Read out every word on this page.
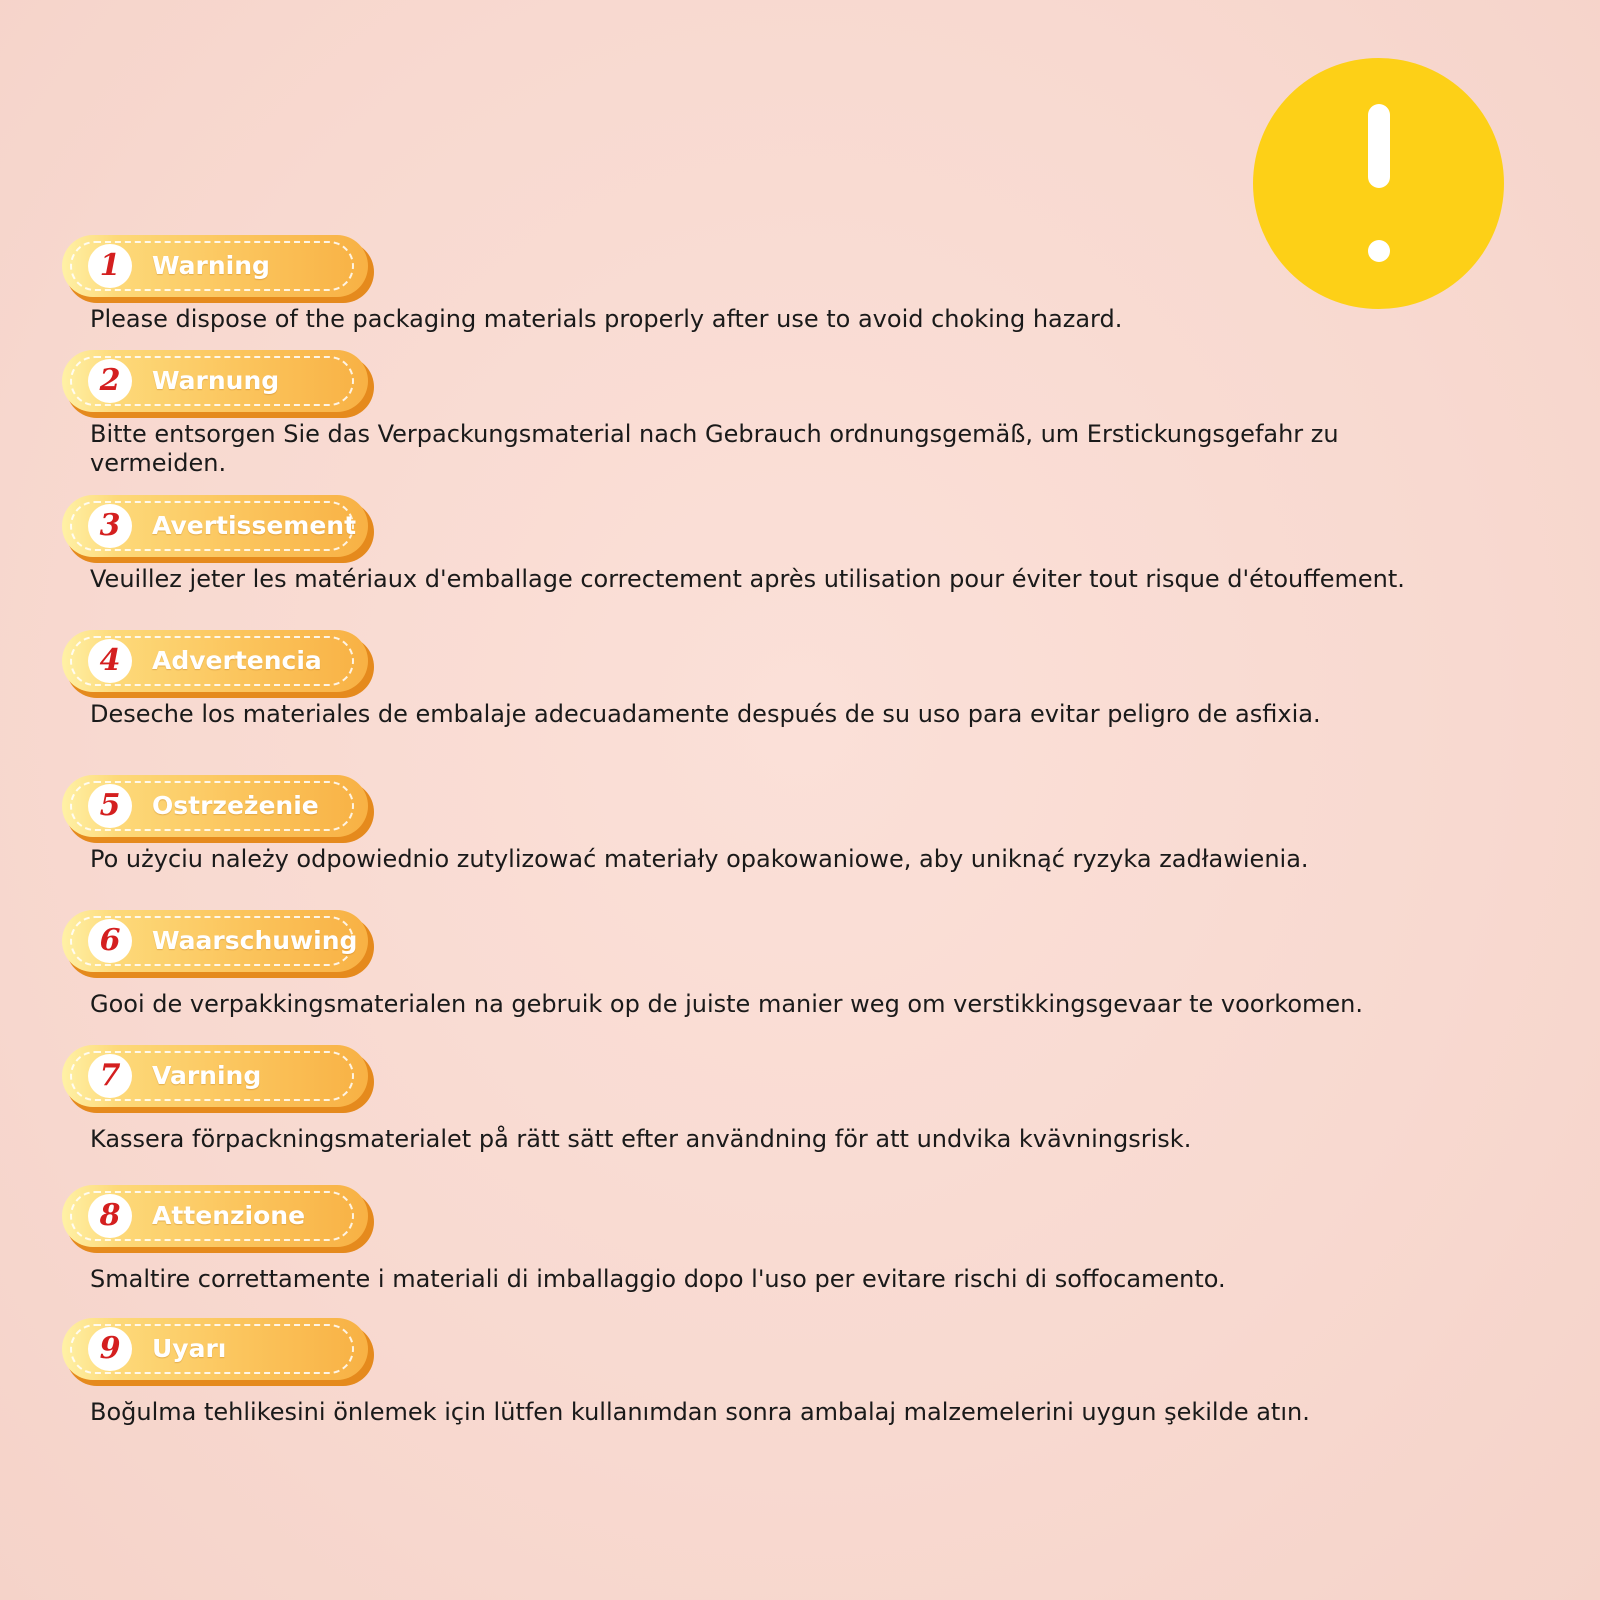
1	Warning

Please dispose of the packaging materials properly after use to avoid choking hazard.

2	Warnung

Bitte entsorgen Sie das Verpackungsmaterial nach Gebrauch ordnungsgemäß, um Erstickungsgefahr zu vermeiden.

3	Avertissement

Veuillez jeter les matériaux d'emballage correctement après utilisation pour éviter tout risque d'étouffement.

4	Advertencia

Deseche los materiales de embalaje adecuadamente después de su uso para evitar peligro de asfixia.

5	Ostrzeżenie

Po użyciu należy odpowiednio zutylizować materiały opakowaniowe, aby uniknąć ryzyka zadławienia.

6	Waarschuwing

Gooi de verpakkingsmaterialen na gebruik op de juiste manier weg om verstikkingsgevaar te voorkomen.

7	Varning

Kassera förpackningsmaterialet på rätt sätt efter användning för att undvika kvävningsrisk.

8	Attenzione

Smaltire correttamente i materiali di imballaggio dopo l'uso per evitare rischi di soffocamento.

9	Uyarı

Boğulma tehlikesini önlemek için lütfen kullanımdan sonra ambalaj malzemelerini uygun şekilde atın.
